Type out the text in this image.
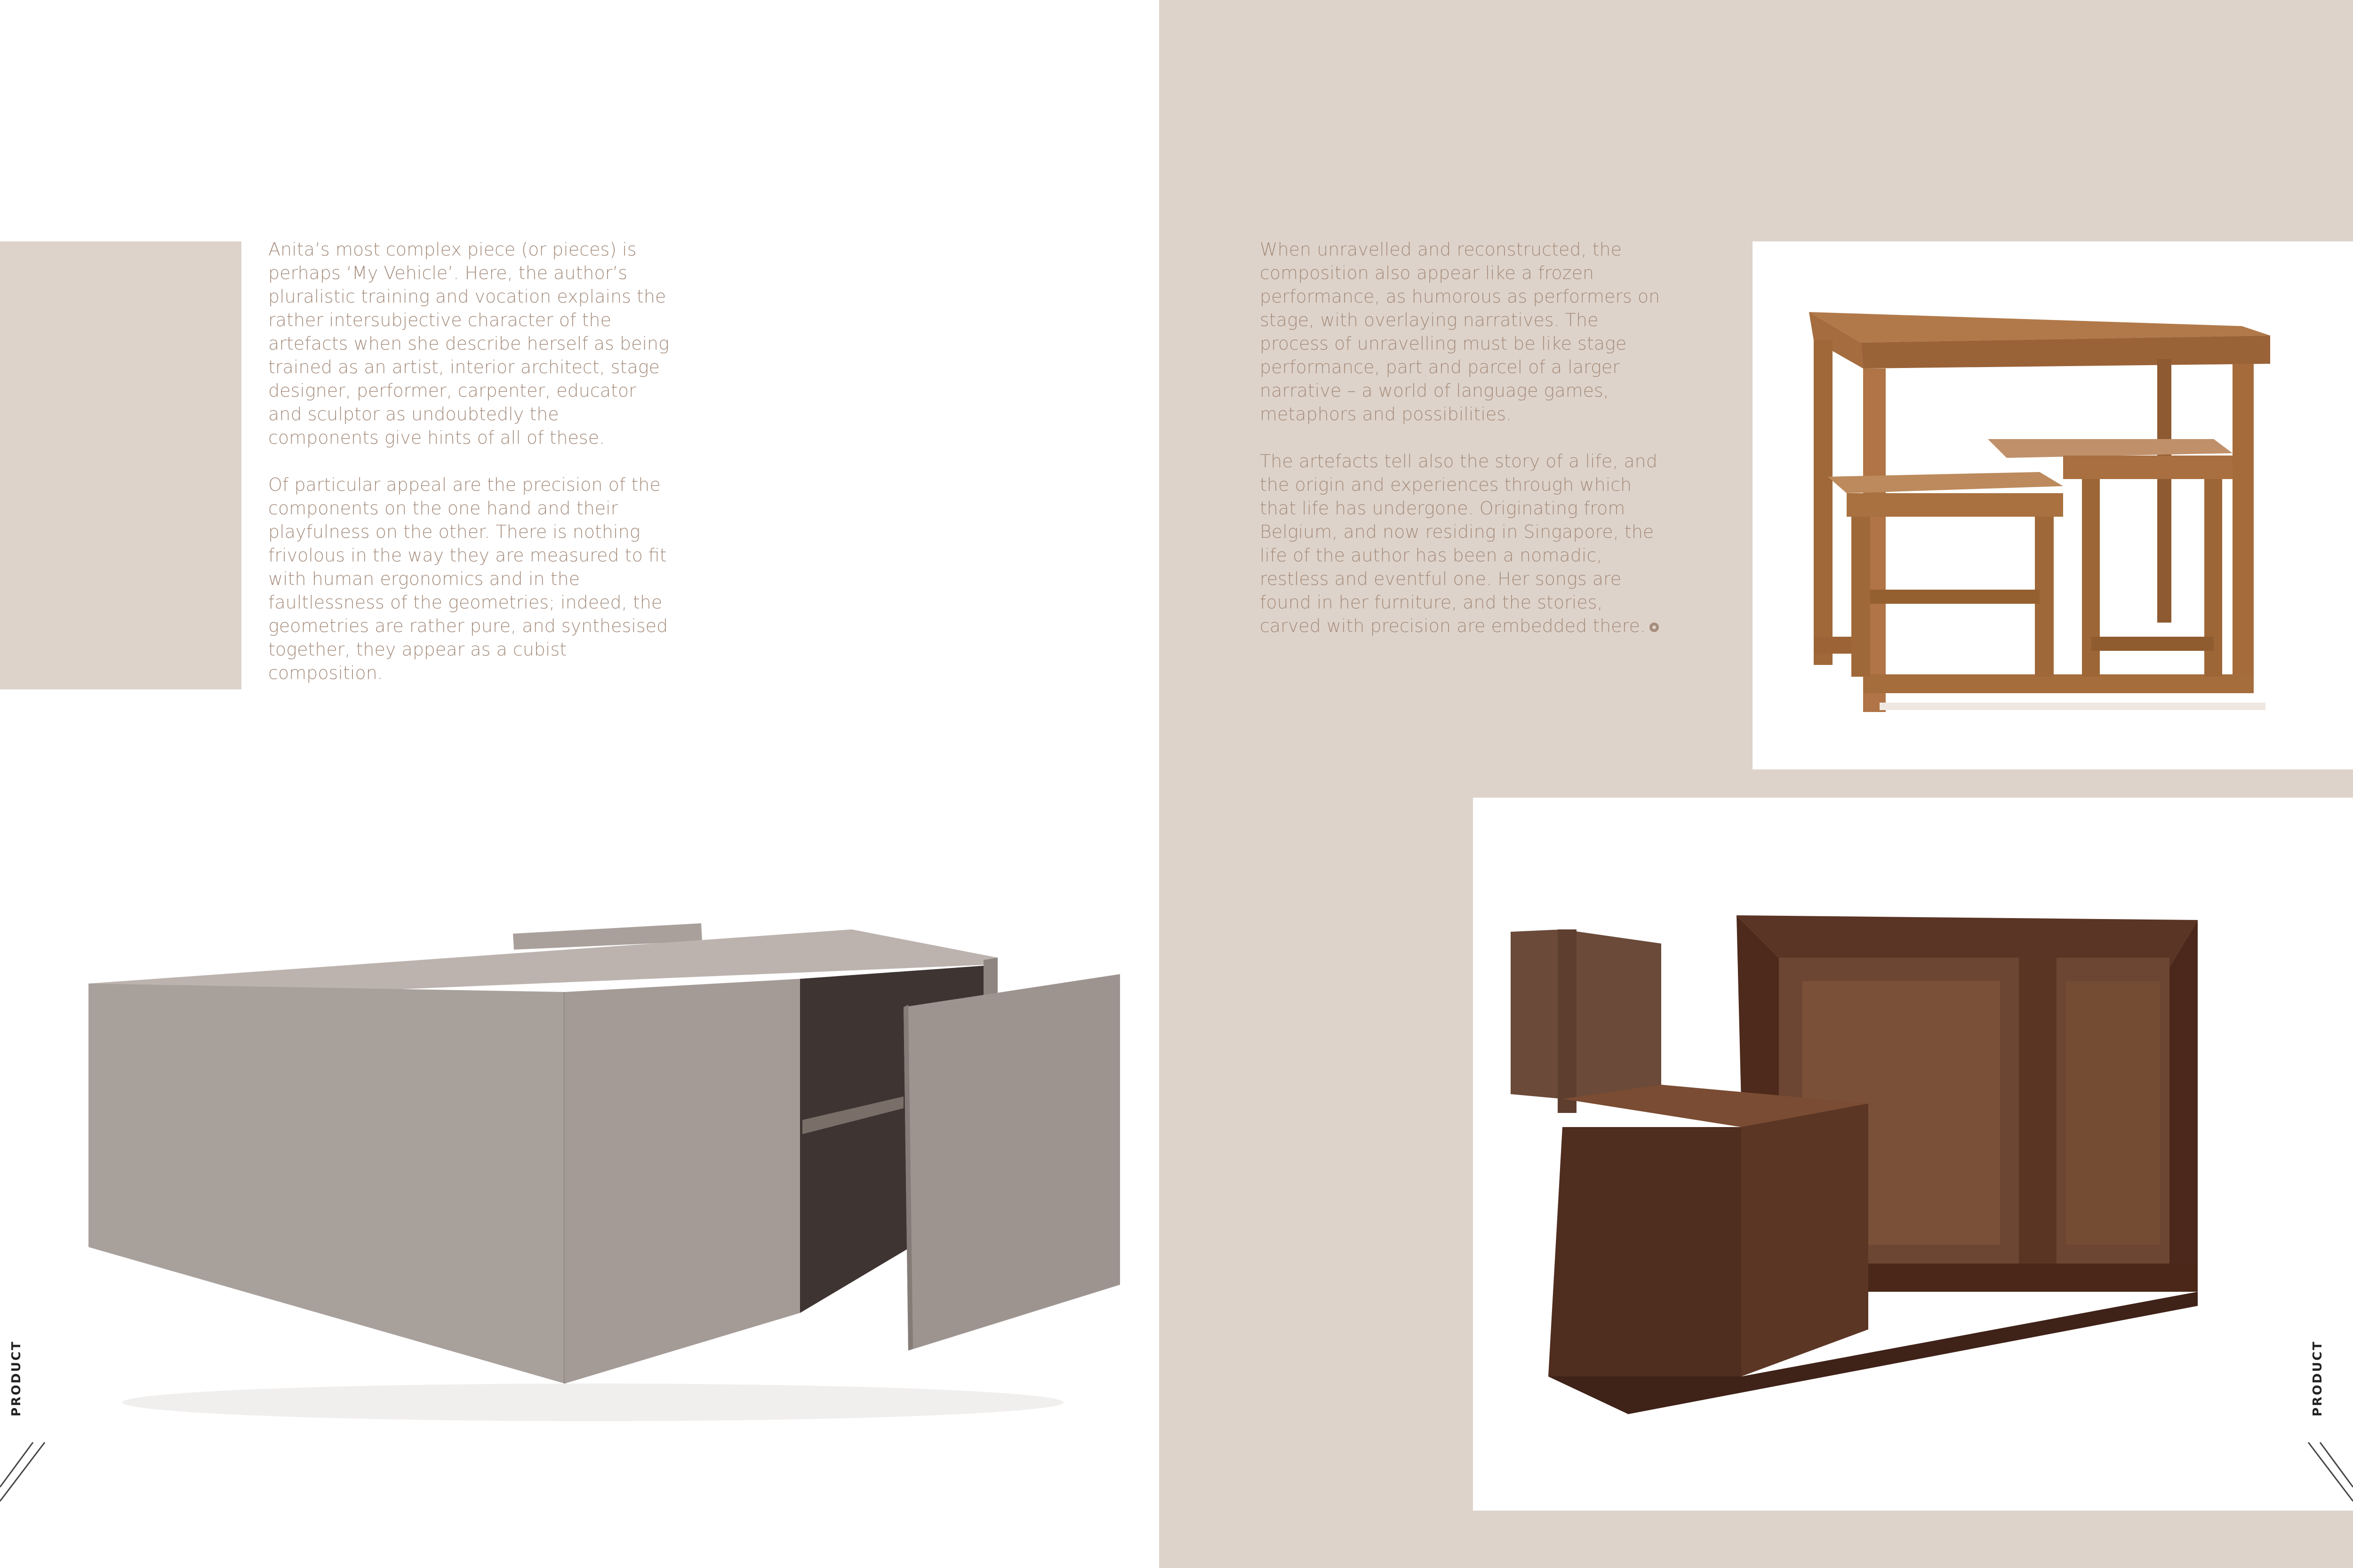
Anita’s most complex piece (or pieces) is perhaps ‘My Vehicle’. Here, the author’s pluralistic training and vocation explains the rather intersubjective character of the artefacts when she describe herself as being trained as an artist, interior architect, stage designer, performer, carpenter, educator and sculptor as undoubtedly the components give hints of all of these.

Of particular appeal are the precision of the components on the one hand and their playfulness on the other. There is nothing frivolous in the way they are measured to fit with human ergonomics and in the faultlessness of the geometries; indeed, the geometries are rather pure, and synthesised together, they appear as a cubist composition.

PRODUCT

When unravelled and reconstructed, the composition also appear like a frozen performance, as humorous as performers on stage, with overlaying narratives. The process of unravelling must be like stage performance, part and parcel of a larger narrative – a world of language games, metaphors and possibilities.

The artefacts tell also the story of a life, and the origin and experiences through which that life has undergone. Originating from Belgium, and now residing in Singapore, the life of the author has been a nomadic, restless and eventful one. Her songs are found in her furniture, and the stories, carved with precision are embedded there.

PRODUCT
